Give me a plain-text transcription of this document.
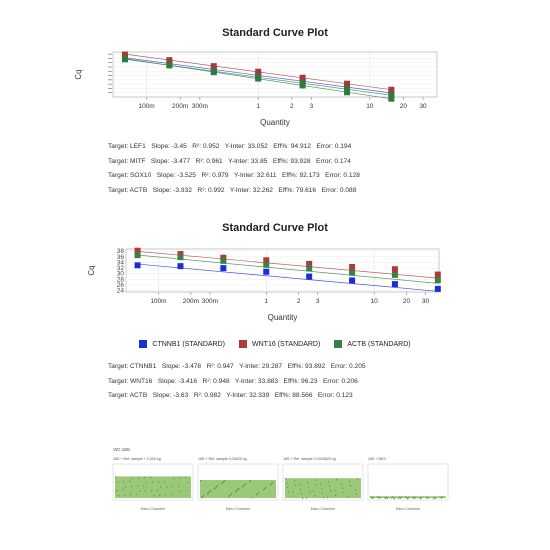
Standard Curve Plot
100m	200m 300m	1	2 3	10	20 30
Quantity
Cq
Target: LEF1   Slope: -3.45   R²: 0.952   Y-Inter: 33.052   Eff%: 94.912   Error: 0.194
Target: MITF   Slope: -3.477   R²: 0.961   Y-Inter: 33.85   Eff%: 93.928   Error: 0.174
Target: SOX10   Slope: -3.525   R²: 0.979   Y-Inter: 32.611   Eff%: 92.173   Error: 0.128
Target: ACTB   Slope: -3.932   R²: 0.992   Y-Inter: 32.262   Eff%: 79.616   Error: 0.088
Standard Curve Plot
24
26
28
30
32
34
36
38
100m 200m 300m	1	2 3	10	20 30
Quantity
Cq
CTNNB1 (STANDARD)	WNT16 (STANDARD)	ACTB (STANDARD)
Target: CTNNB1   Slope: -3.478   R²: 0.947   Y-Inter: 29.287   Eff%: 93.892   Error: 0.205
Target: WNT16   Slope: -3.416   R²: 0.948   Y-Inter: 33.883   Eff%: 96.23   Error: 0.206
Target: ACTB   Slope: -3.63   R²: 0.982   Y-Inter: 32.339   Eff%: 88.566   Error: 0.123
VIC 18S
18S + Ref. sample + 0.025 ng
Micro Chamber
18S + Ref. sample 0.00625 ng
Micro Chamber
18S + Ref. sample 0.0015625 ng
Micro Chamber
18S + NEO
Micro Chamber
